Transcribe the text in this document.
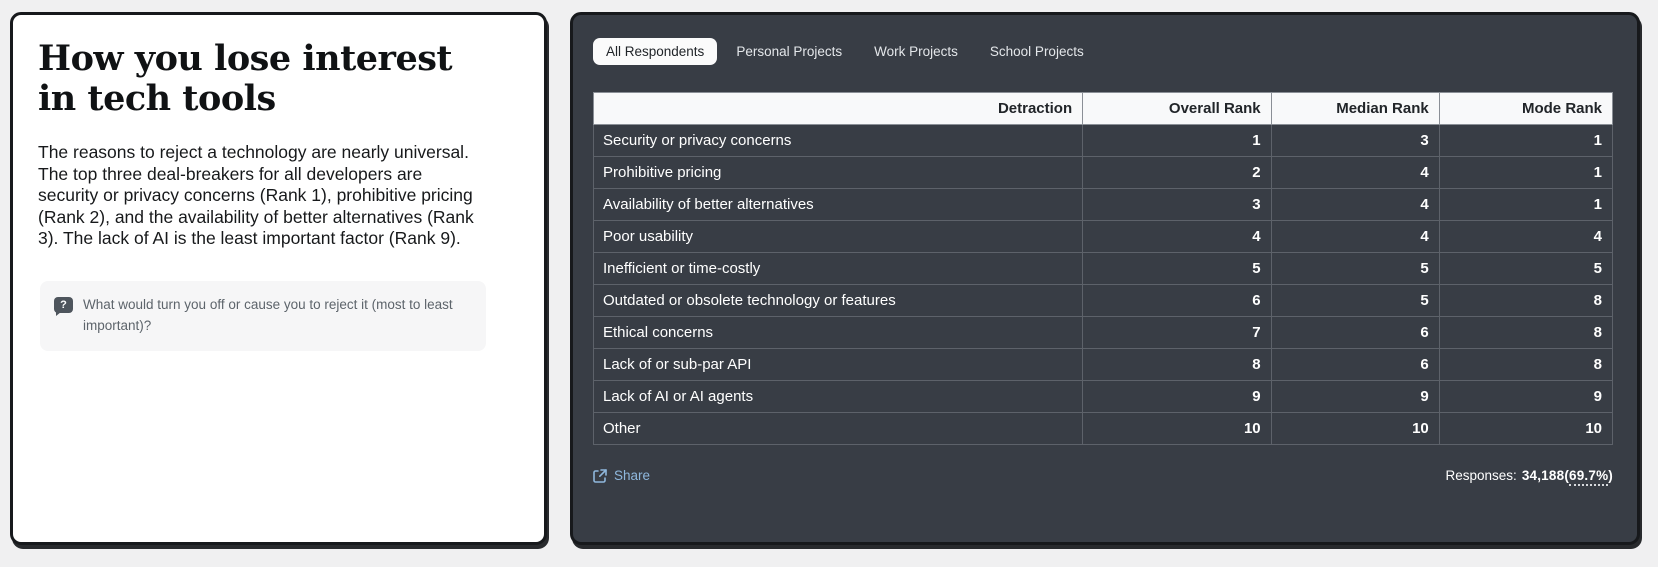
How you lose interest in tech tools

The reasons to reject a technology are nearly universal. The top three deal-breakers for all developers are security or privacy concerns (Rank 1), prohibitive pricing (Rank 2), and the availability of better alternatives (Rank 3). The lack of AI is the least important factor (Rank 9).

?	What would turn you off or cause you to reject it (most to least important)?
All Respondents	Personal Projects	Work Projects	School Projects
Detraction	Overall Rank	Median Rank	Mode Rank
Security or privacy concerns	1	3	1
Prohibitive pricing	2	4	1
Availability of better alternatives	3	4	1
Poor usability	4	4	4
Inefficient or time-costly	5	5	5
Outdated or obsolete technology or features	6	5	8
Ethical concerns	7	6	8
Lack of or sub-par API	8	6	8
Lack of AI or AI agents	9	9	9
Other	10	10	10
Share	Responses: 34,188(69.7%)
